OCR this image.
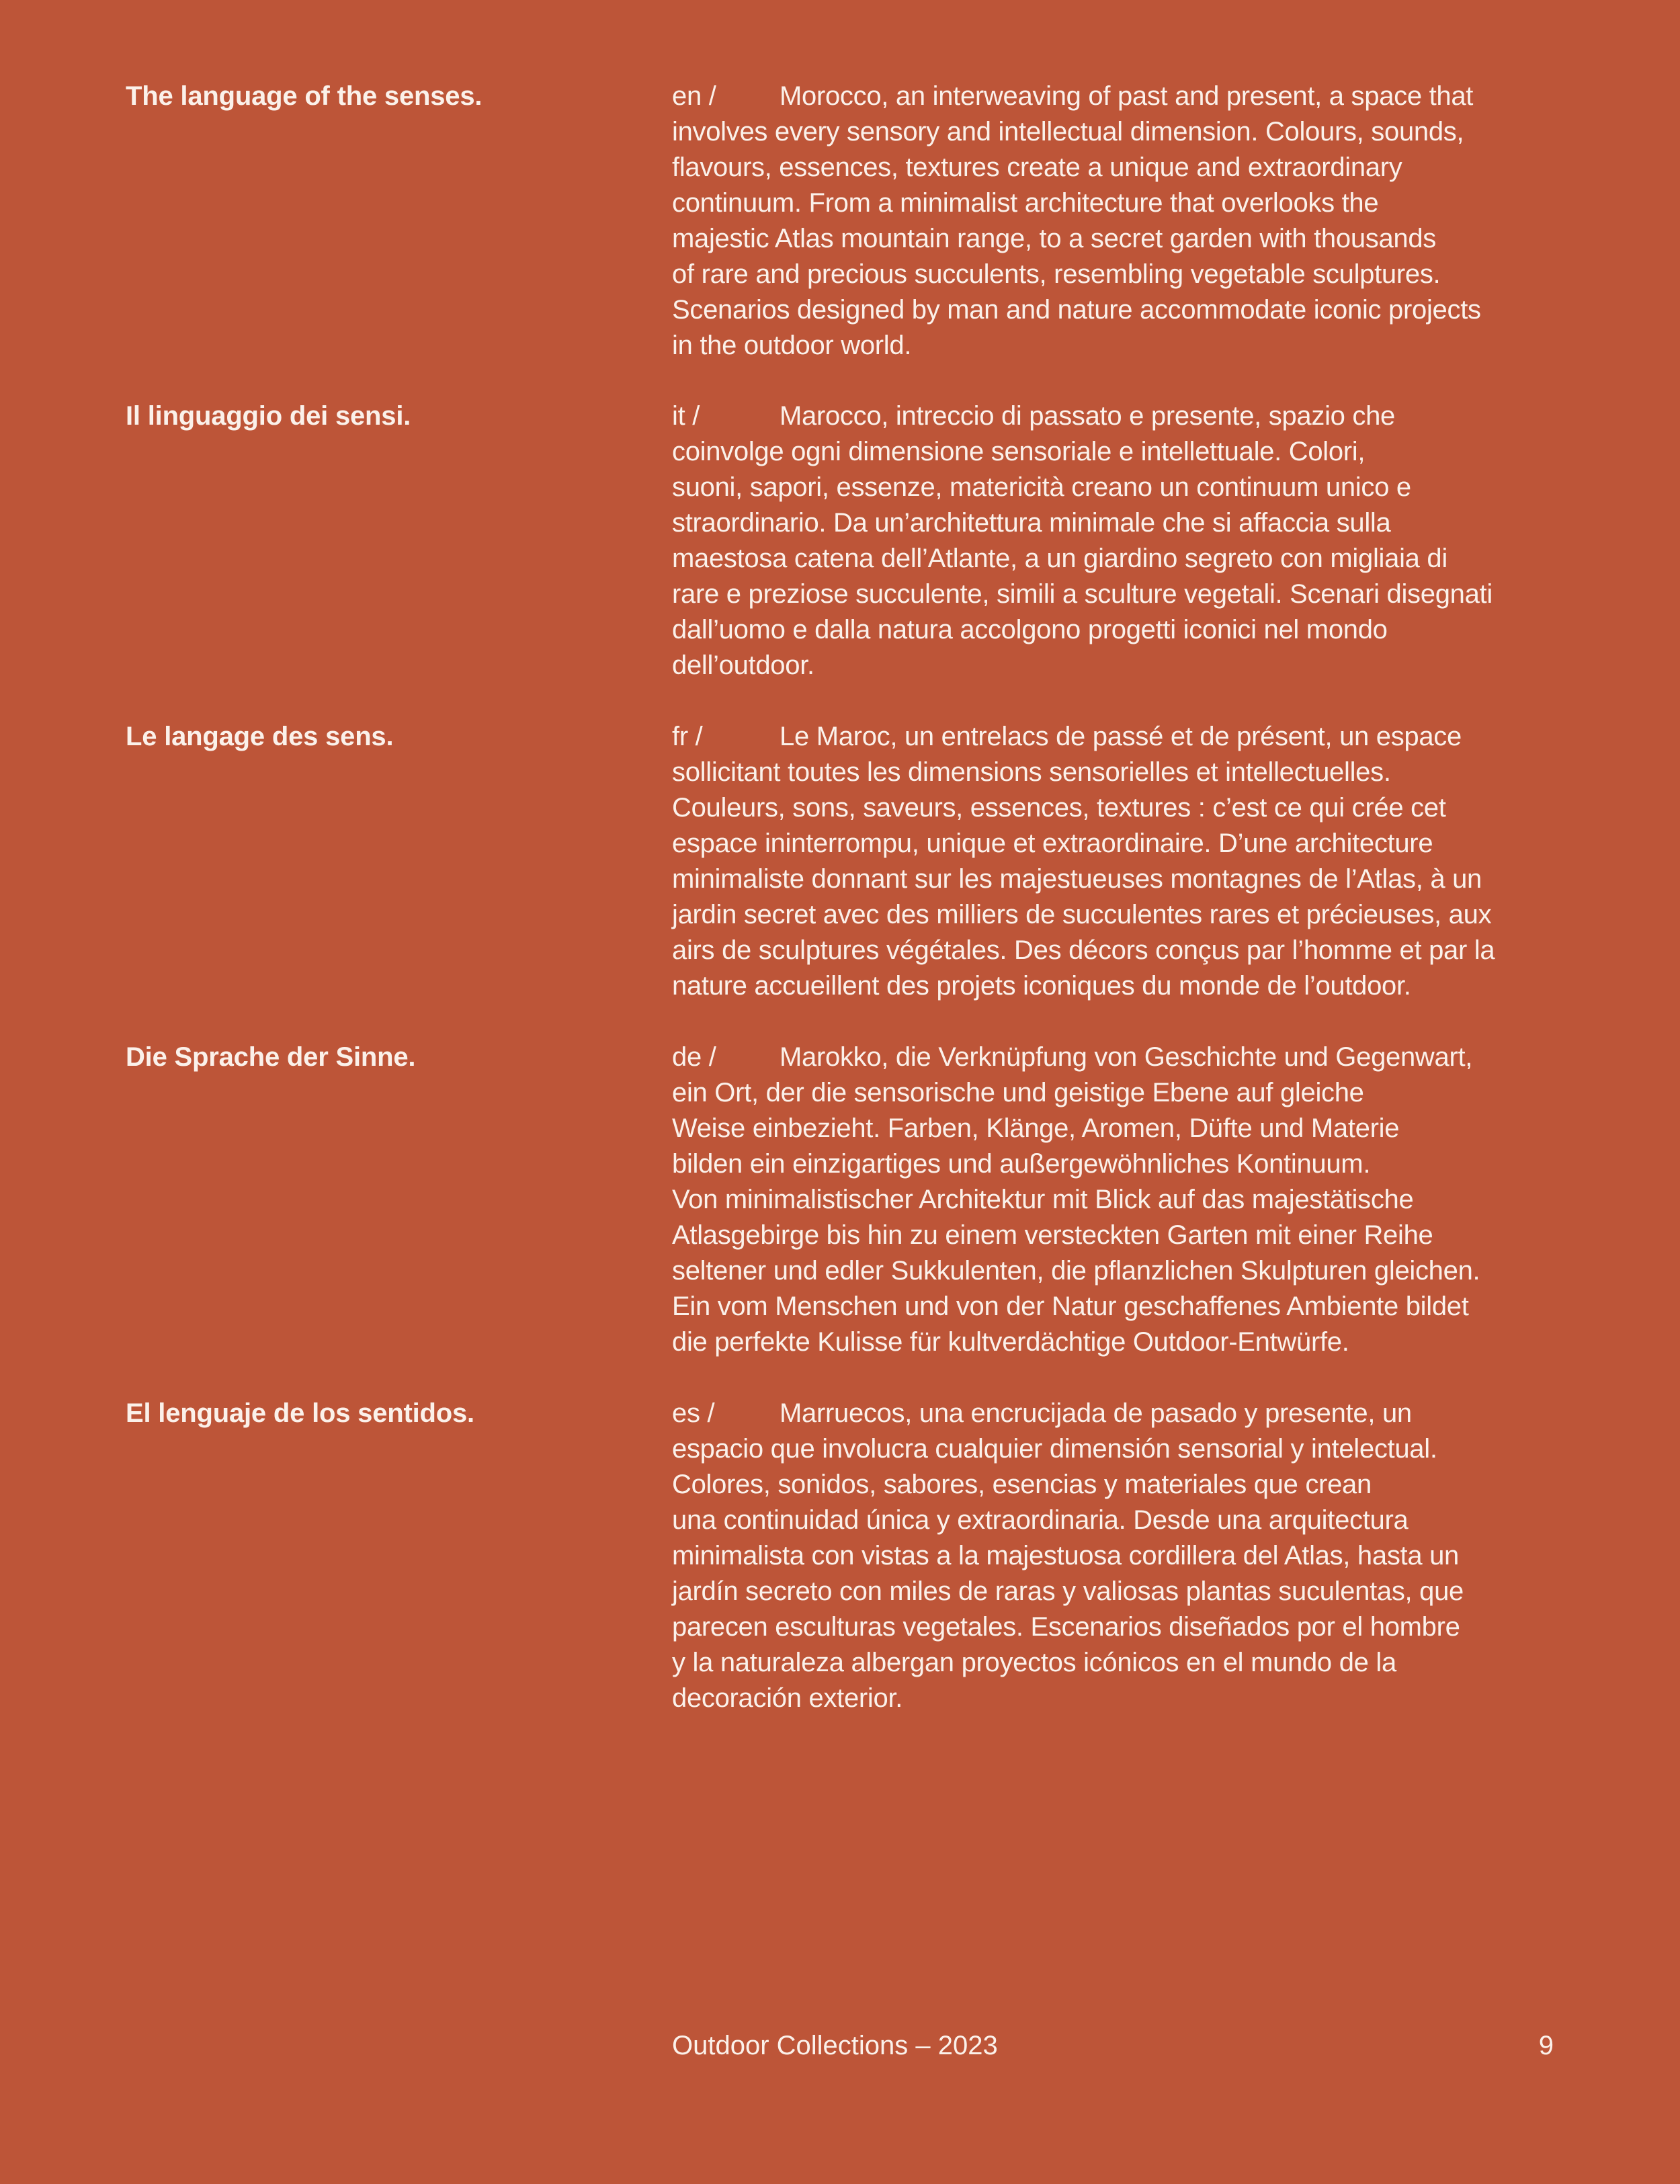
The language of the senses.	en / Morocco, an interweaving of past and present, a space that
involves every sensory and intellectual dimension. Colours, sounds,
flavours, essences, textures create a unique and extraordinary
continuum. From a minimalist architecture that overlooks the
majestic Atlas mountain range, to a secret garden with thousands
of rare and precious succulents, resembling vegetable sculptures.
Scenarios designed by man and nature accommodate iconic projects
in the outdoor world.
Il linguaggio dei sensi.	it /	Marocco, intreccio di passato e presente, spazio che
coinvolge ogni dimensione sensoriale e intellettuale. Colori,
suoni, sapori, essenze, matericità creano un continuum unico e
straordinario. Da un’architettura minimale che si affaccia sulla
maestosa catena dell’Atlante, a un giardino segreto con migliaia di
rare e preziose succulente, simili a sculture vegetali. Scenari disegnati
dall’uomo e dalla natura accolgono progetti iconici nel mondo
dell’outdoor.
Le langage des sens.	fr /	Le Maroc, un entrelacs de passé et de présent, un espace
sollicitant toutes les dimensions sensorielles et intellectuelles.
Couleurs, sons, saveurs, essences, textures : c’est ce qui crée cet
espace ininterrompu, unique et extraordinaire. D’une architecture
minimaliste donnant sur les majestueuses montagnes de l’Atlas, à un
jardin secret avec des milliers de succulentes rares et précieuses, aux
airs de sculptures végétales. Des décors conçus par l’homme et par la
nature accueillent des projets iconiques du monde de l’outdoor.
Die Sprache der Sinne.	de / Marokko, die Verknüpfung von Geschichte und Gegenwart,
ein Ort, der die sensorische und geistige Ebene auf gleiche
Weise einbezieht. Farben, Klänge, Aromen, Düfte und Materie
bilden ein einzigartiges und außergewöhnliches Kontinuum.
Von minimalistischer Architektur mit Blick auf das majestätische
Atlasgebirge bis hin zu einem versteckten Garten mit einer Reihe
seltener und edler Sukkulenten, die pflanzlichen Skulpturen gleichen.
Ein vom Menschen und von der Natur geschaffenes Ambiente bildet
die perfekte Kulisse für kultverdächtige Outdoor-Entwürfe.
El lenguaje de los sentidos.	es / Marruecos, una encrucijada de pasado y presente, un
espacio que involucra cualquier dimensión sensorial y intelectual.
Colores, sonidos, sabores, esencias y materiales que crean
una continuidad única y extraordinaria. Desde una arquitectura
minimalista con vistas a la majestuosa cordillera del Atlas, hasta un
jardín secreto con miles de raras y valiosas plantas suculentas, que
parecen esculturas vegetales. Escenarios diseñados por el hombre
y la naturaleza albergan proyectos icónicos en el mundo de la
decoración exterior.
Outdoor Collections – 2023	9
